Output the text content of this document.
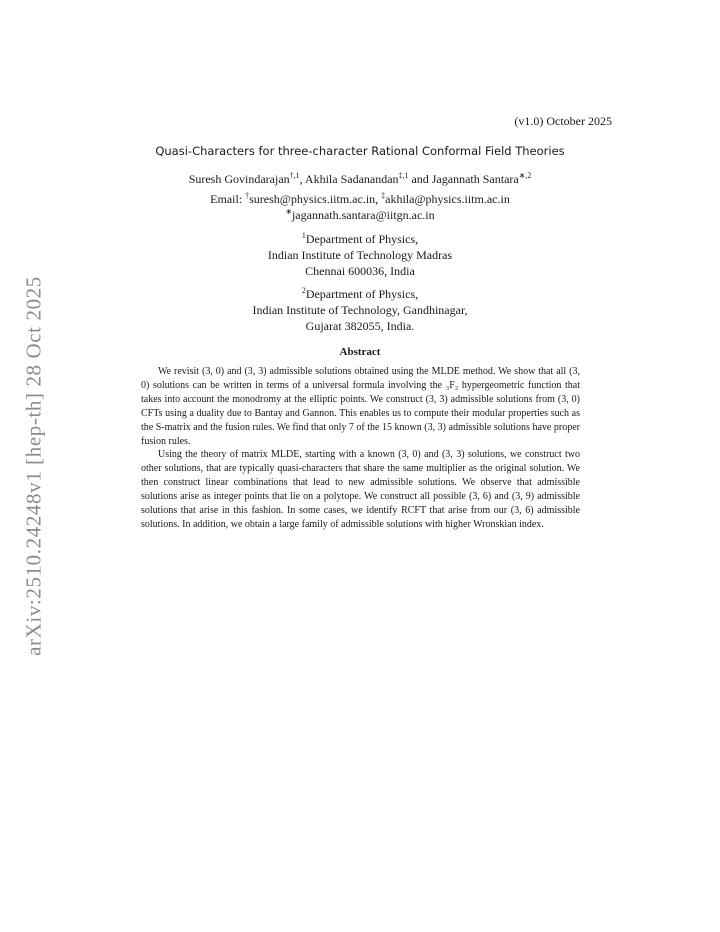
arXiv:2510.24248v1 [hep-th] 28 Oct 2025
(v1.0) October 2025
Quasi-Characters for three-character Rational Conformal Field Theories
Suresh Govindarajan$^{\dagger,1}$, Akhila Sadanandan$^{\ddagger,1}$ and Jagannath Santara$^{∗,2}$
Email: †suresh@physics.iitm.ac.in, ‡akhila@physics.iitm.ac.in
∗jagannath.santara@iitgn.ac.in
$^1$Department of Physics,
Indian Institute of Technology Madras
Chennai 600036, India
$^2$Department of Physics,
Indian Institute of Technology, Gandhinagar,
Gujarat 382055, India.
Abstract

We revisit (3, 0) and (3, 3) admissible solutions obtained using the MLDE method. We show that all (3, 0) solutions can be written in terms of a universal formula involving the ₃F₂ hypergeometric function that takes into account the monodromy at the elliptic points. We construct (3, 3) admissible solutions from (3, 0) CFTs using a duality due to Bantay and Gannon. This enables us to compute their modular properties such as the S-matrix and the fusion rules. We find that only 7 of the 15 known (3, 3) admissible solutions have proper fusion rules.

Using the theory of matrix MLDE, starting with a known (3, 0) and (3, 3) solutions, we construct two other solutions, that are typically quasi-characters that share the same multiplier as the original solution. We then construct linear combinations that lead to new admissible solutions. We observe that admissible solutions arise as integer points that lie on a polytope. We construct all possible (3, 6) and (3, 9) admissible solutions that arise in this fashion. In some cases, we identify RCFT that arise from our (3, 6) admissible solutions. In addition, we obtain a large family of admissible solutions with higher Wronskian index.
